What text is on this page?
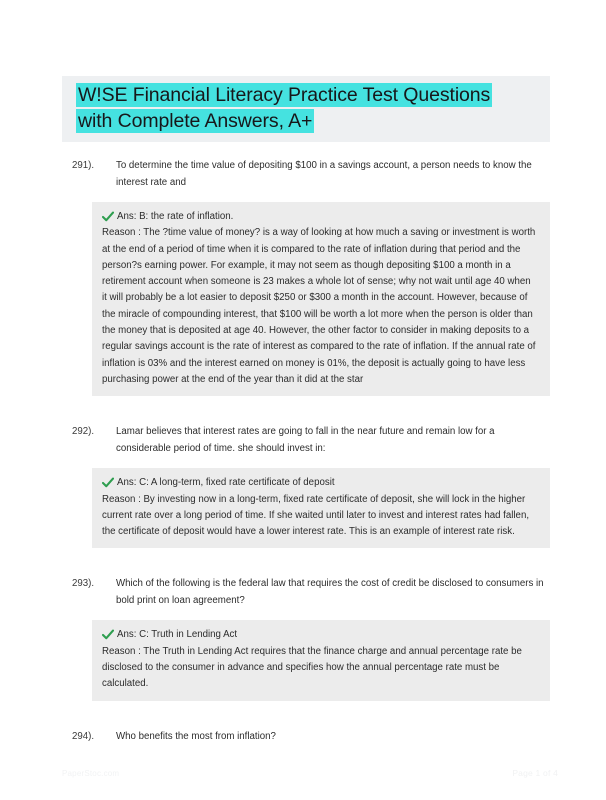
W!SE Financial Literacy Practice Test Questions
with Complete Answers, A+
291).	To determine the time value of depositing $100 in a savings account, a person needs to know the interest rate and
Ans: B: the rate of inflation.
Reason : The ?time value of money? is a way of looking at how much a saving or investment is worth at the end of a period of time when it is compared to the rate of inflation during that period and the person?s earning power. For example, it may not seem as though depositing $100 a month in a retirement account when someone is 23 makes a whole lot of sense; why not wait until age 40 when it will probably be a lot easier to deposit $250 or $300 a month in the account. However, because of the miracle of compounding interest, that $100 will be worth a lot more when the person is older than the money that is deposited at age 40. However, the other factor to consider in making deposits to a regular savings account is the rate of interest as compared to the rate of inflation. If the annual rate of inflation is 03% and the interest earned on money is 01%, the deposit is actually going to have less purchasing power at the end of the year than it did at the star
292).	Lamar believes that interest rates are going to fall in the near future and remain low for a considerable period of time. she should invest in:
Ans: C: A long-term, fixed rate certificate of deposit
Reason : By investing now in a long-term, fixed rate certificate of deposit, she will lock in the higher current rate over a long period of time. If she waited until later to invest and interest rates had fallen, the certificate of deposit would have a lower interest rate. This is an example of interest rate risk.
293).	Which of the following is the federal law that requires the cost of credit be disclosed to consumers in bold print on loan agreement?
Ans: C: Truth in Lending Act
Reason : The Truth in Lending Act requires that the finance charge and annual percentage rate be disclosed to the consumer in advance and specifies how the annual percentage rate must be calculated.
294).	Who benefits the most from inflation?
PaperStoc.com	Page 1 of 4
